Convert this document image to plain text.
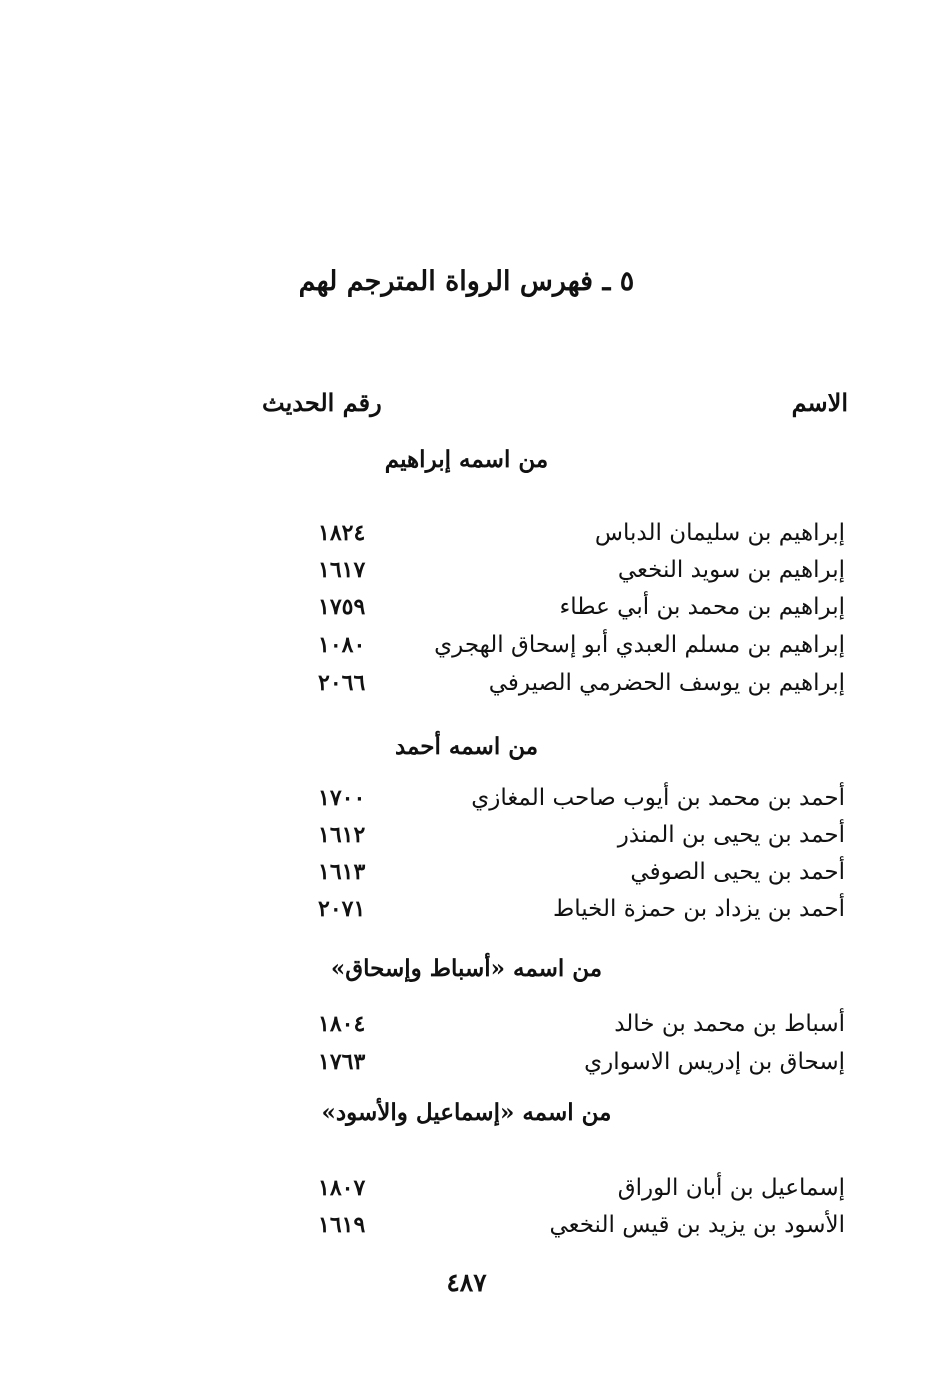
٥ ـ فهرس الرواة المترجم لهم
الاسم
رقم الحديث
من اسمه إبراهيم
إبراهيم بن سليمان الدباس
١٨٢٤
إبراهيم بن سويد النخعي
١٦١٧
إبراهيم بن محمد بن أبي عطاء
١٧٥٩
إبراهيم بن مسلم العبدي أبو إسحاق الهجري
١٠٨٠
إبراهيم بن يوسف الحضرمي الصيرفي
٢٠٦٦
من اسمه أحمد
أحمد بن محمد بن أيوب صاحب المغازي
١٧٠٠
أحمد بن يحيى بن المنذر
١٦١٢
أحمد بن يحيى الصوفي
١٦١٣
أحمد بن يزداد بن حمزة الخياط
٢٠٧١
من اسمه «أسباط وإسحاق»
أسباط بن محمد بن خالد
١٨٠٤
إسحاق بن إدريس الاسواري
١٧٦٣
من اسمه «إسماعيل والأسود»
إسماعيل بن أبان الوراق
١٨٠٧
الأسود بن يزيد بن قيس النخعي
١٦١٩
٤٨٧
